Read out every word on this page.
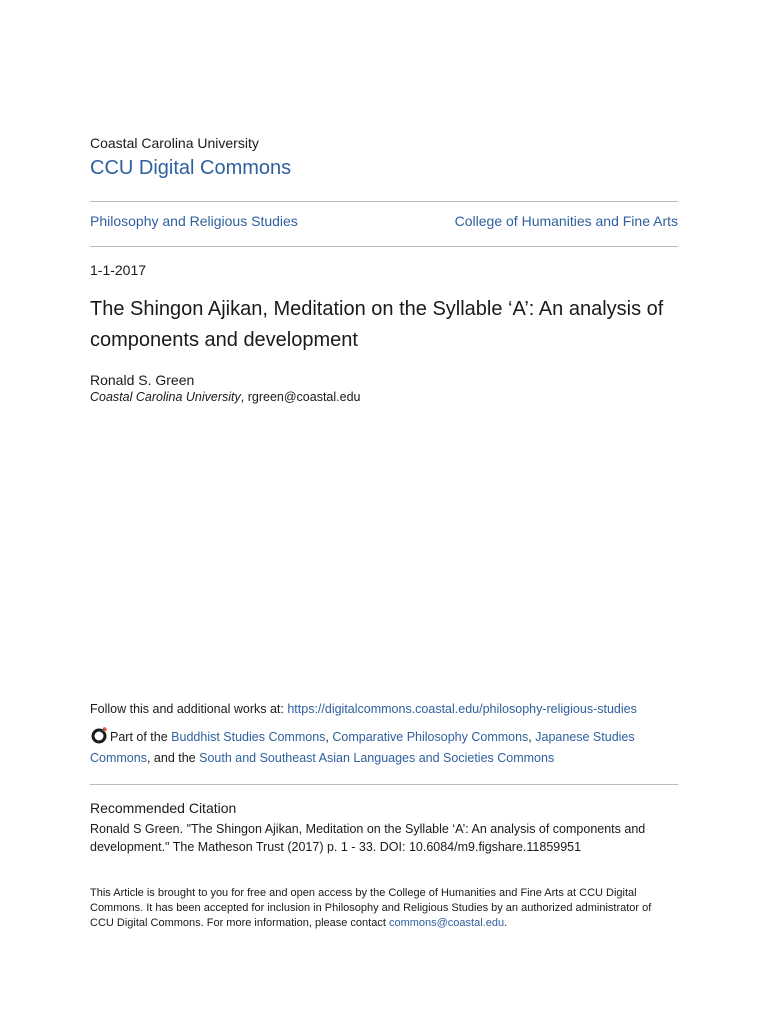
Coastal Carolina University
CCU Digital Commons
Philosophy and Religious Studies	College of Humanities and Fine Arts
1-1-2017
The Shingon Ajikan, Meditation on the Syllable ‘A’: An analysis of components and development
Ronald S. Green
Coastal Carolina University, rgreen@coastal.edu
Follow this and additional works at: https://digitalcommons.coastal.edu/philosophy-religious-studies
Part of the Buddhist Studies Commons, Comparative Philosophy Commons, Japanese Studies Commons, and the South and Southeast Asian Languages and Societies Commons
Recommended Citation
Ronald S Green. "The Shingon Ajikan, Meditation on the Syllable ‘A’: An analysis of components and development." The Matheson Trust (2017) p. 1 - 33. DOI: 10.6084/m9.figshare.11859951
This Article is brought to you for free and open access by the College of Humanities and Fine Arts at CCU Digital Commons. It has been accepted for inclusion in Philosophy and Religious Studies by an authorized administrator of CCU Digital Commons. For more information, please contact commons@coastal.edu.
